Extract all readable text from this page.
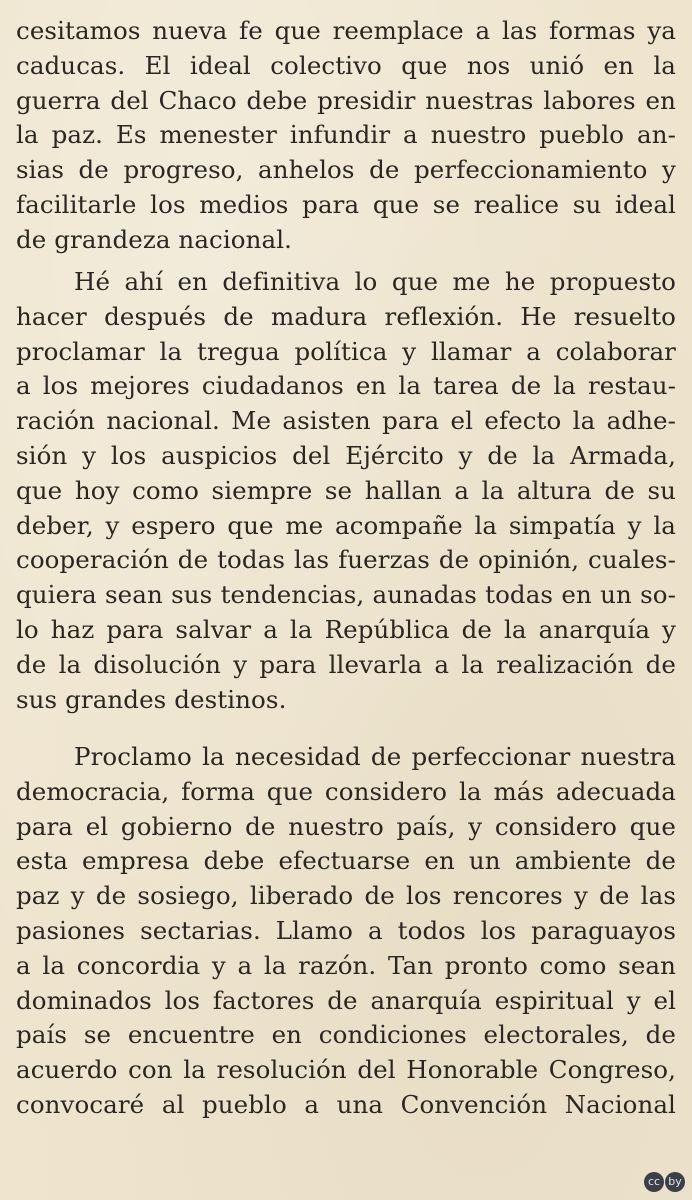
cesitamos nueva fe que reemplace a las formas ya
caducas. El ideal colectivo que nos unió en la
guerra del Chaco debe presidir nuestras labores en
la paz. Es menester infundir a nuestro pueblo an-
sias de progreso, anhelos de perfeccionamiento y
facilitarle los medios para que se realice su ideal
de grandeza nacional.
Hé ahí en definitiva lo que me he propuesto
hacer después de madura reflexión. He resuelto
proclamar la tregua política y llamar a colaborar
a los mejores ciudadanos en la tarea de la restau-
ración nacional. Me asisten para el efecto la adhe-
sión y los auspicios del Ejército y de la Armada,
que hoy como siempre se hallan a la altura de su
deber, y espero que me acompañe la simpatía y la
cooperación de todas las fuerzas de opinión, cuales-
quiera sean sus tendencias, aunadas todas en un so-
lo haz para salvar a la República de la anarquía y
de la disolución y para llevarla a la realización de
sus grandes destinos.
Proclamo la necesidad de perfeccionar nuestra
democracia, forma que considero la más adecuada
para el gobierno de nuestro país, y considero que
esta empresa debe efectuarse en un ambiente de
paz y de sosiego, liberado de los rencores y de las
pasiones sectarias. Llamo a todos los paraguayos
a la concordia y a la razón. Tan pronto como sean
dominados los factores de anarquía espiritual y el
país se encuentre en condiciones electorales, de
acuerdo con la resolución del Honorable Congreso,
convocaré al pueblo a una Convención Nacional
cc by
